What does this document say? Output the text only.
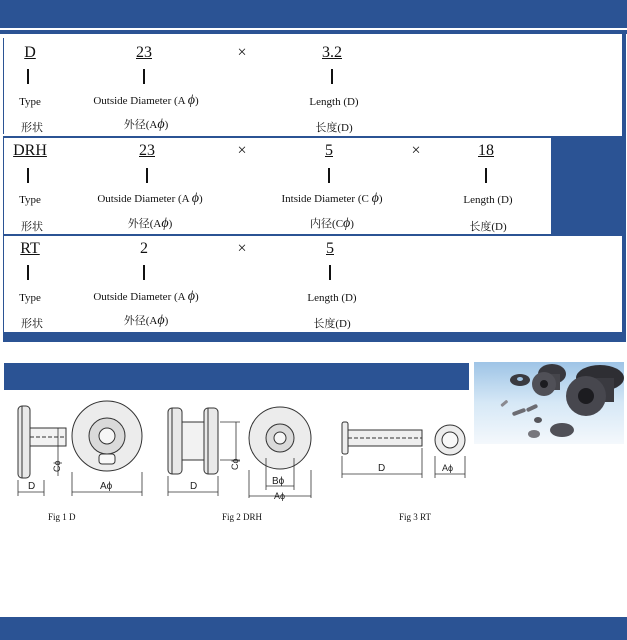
D	23	×	3.2
Type	Outside Diameter (A ϕ)	Length (D)
形状	外径(Aϕ)	长度(D)
DRH	23	×	5	×	18
Type	Outside Diameter (A ϕ)	Intside Diameter (C ϕ)	Length (D)
形状	外径(Aϕ)	内径(Cϕ)	长度(D)
RT	2	×	5
Type	Outside Diameter (A ϕ)	Length (D)
形状	外径(Aϕ)	长度(D)
D
Cϕ
Aϕ
Fig 1 D
D
Cϕ
Bϕ
Aϕ
Fig 2 DRH
D	Aϕ
Fig 3 RT
